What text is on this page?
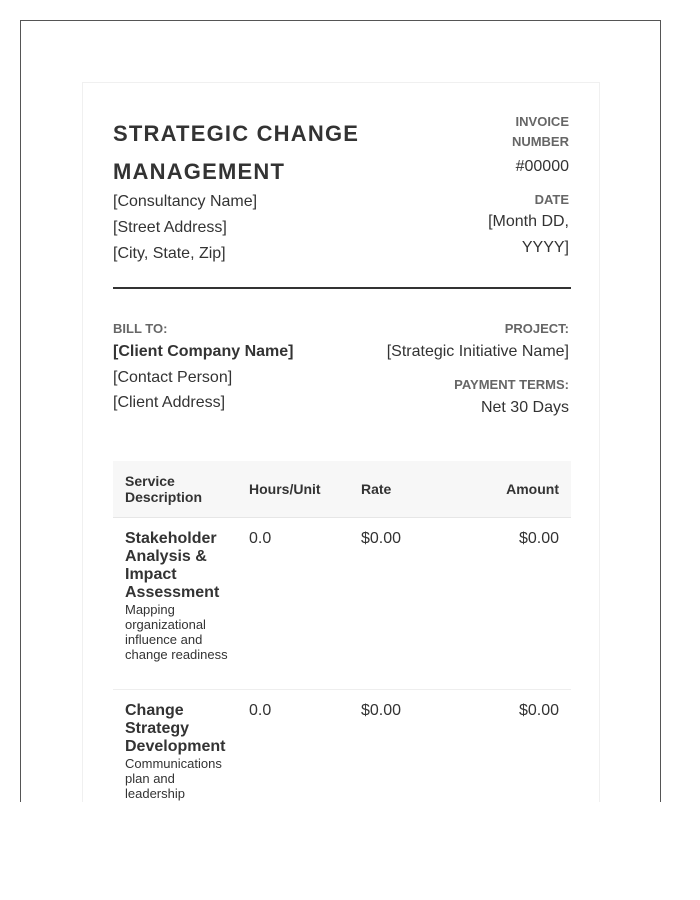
STRATEGIC CHANGE MANAGEMENT
[Consultancy Name]
[Street Address]
[City, State, Zip]
INVOICE NUMBER
#00000
DATE
[Month DD, YYYY]
BILL TO:
[Client Company Name]
[Contact Person]
[Client Address]
PROJECT:
[Strategic Initiative Name]
PAYMENT TERMS:
Net 30 Days
Service Description	Hours/Unit	Rate	Amount
Stakeholder Analysis & Impact Assessment
Mapping organizational influence and change readiness
0.0	$0.00	$0.00
Change Strategy Development
Communications plan and leadership
0.0	$0.00	$0.00
